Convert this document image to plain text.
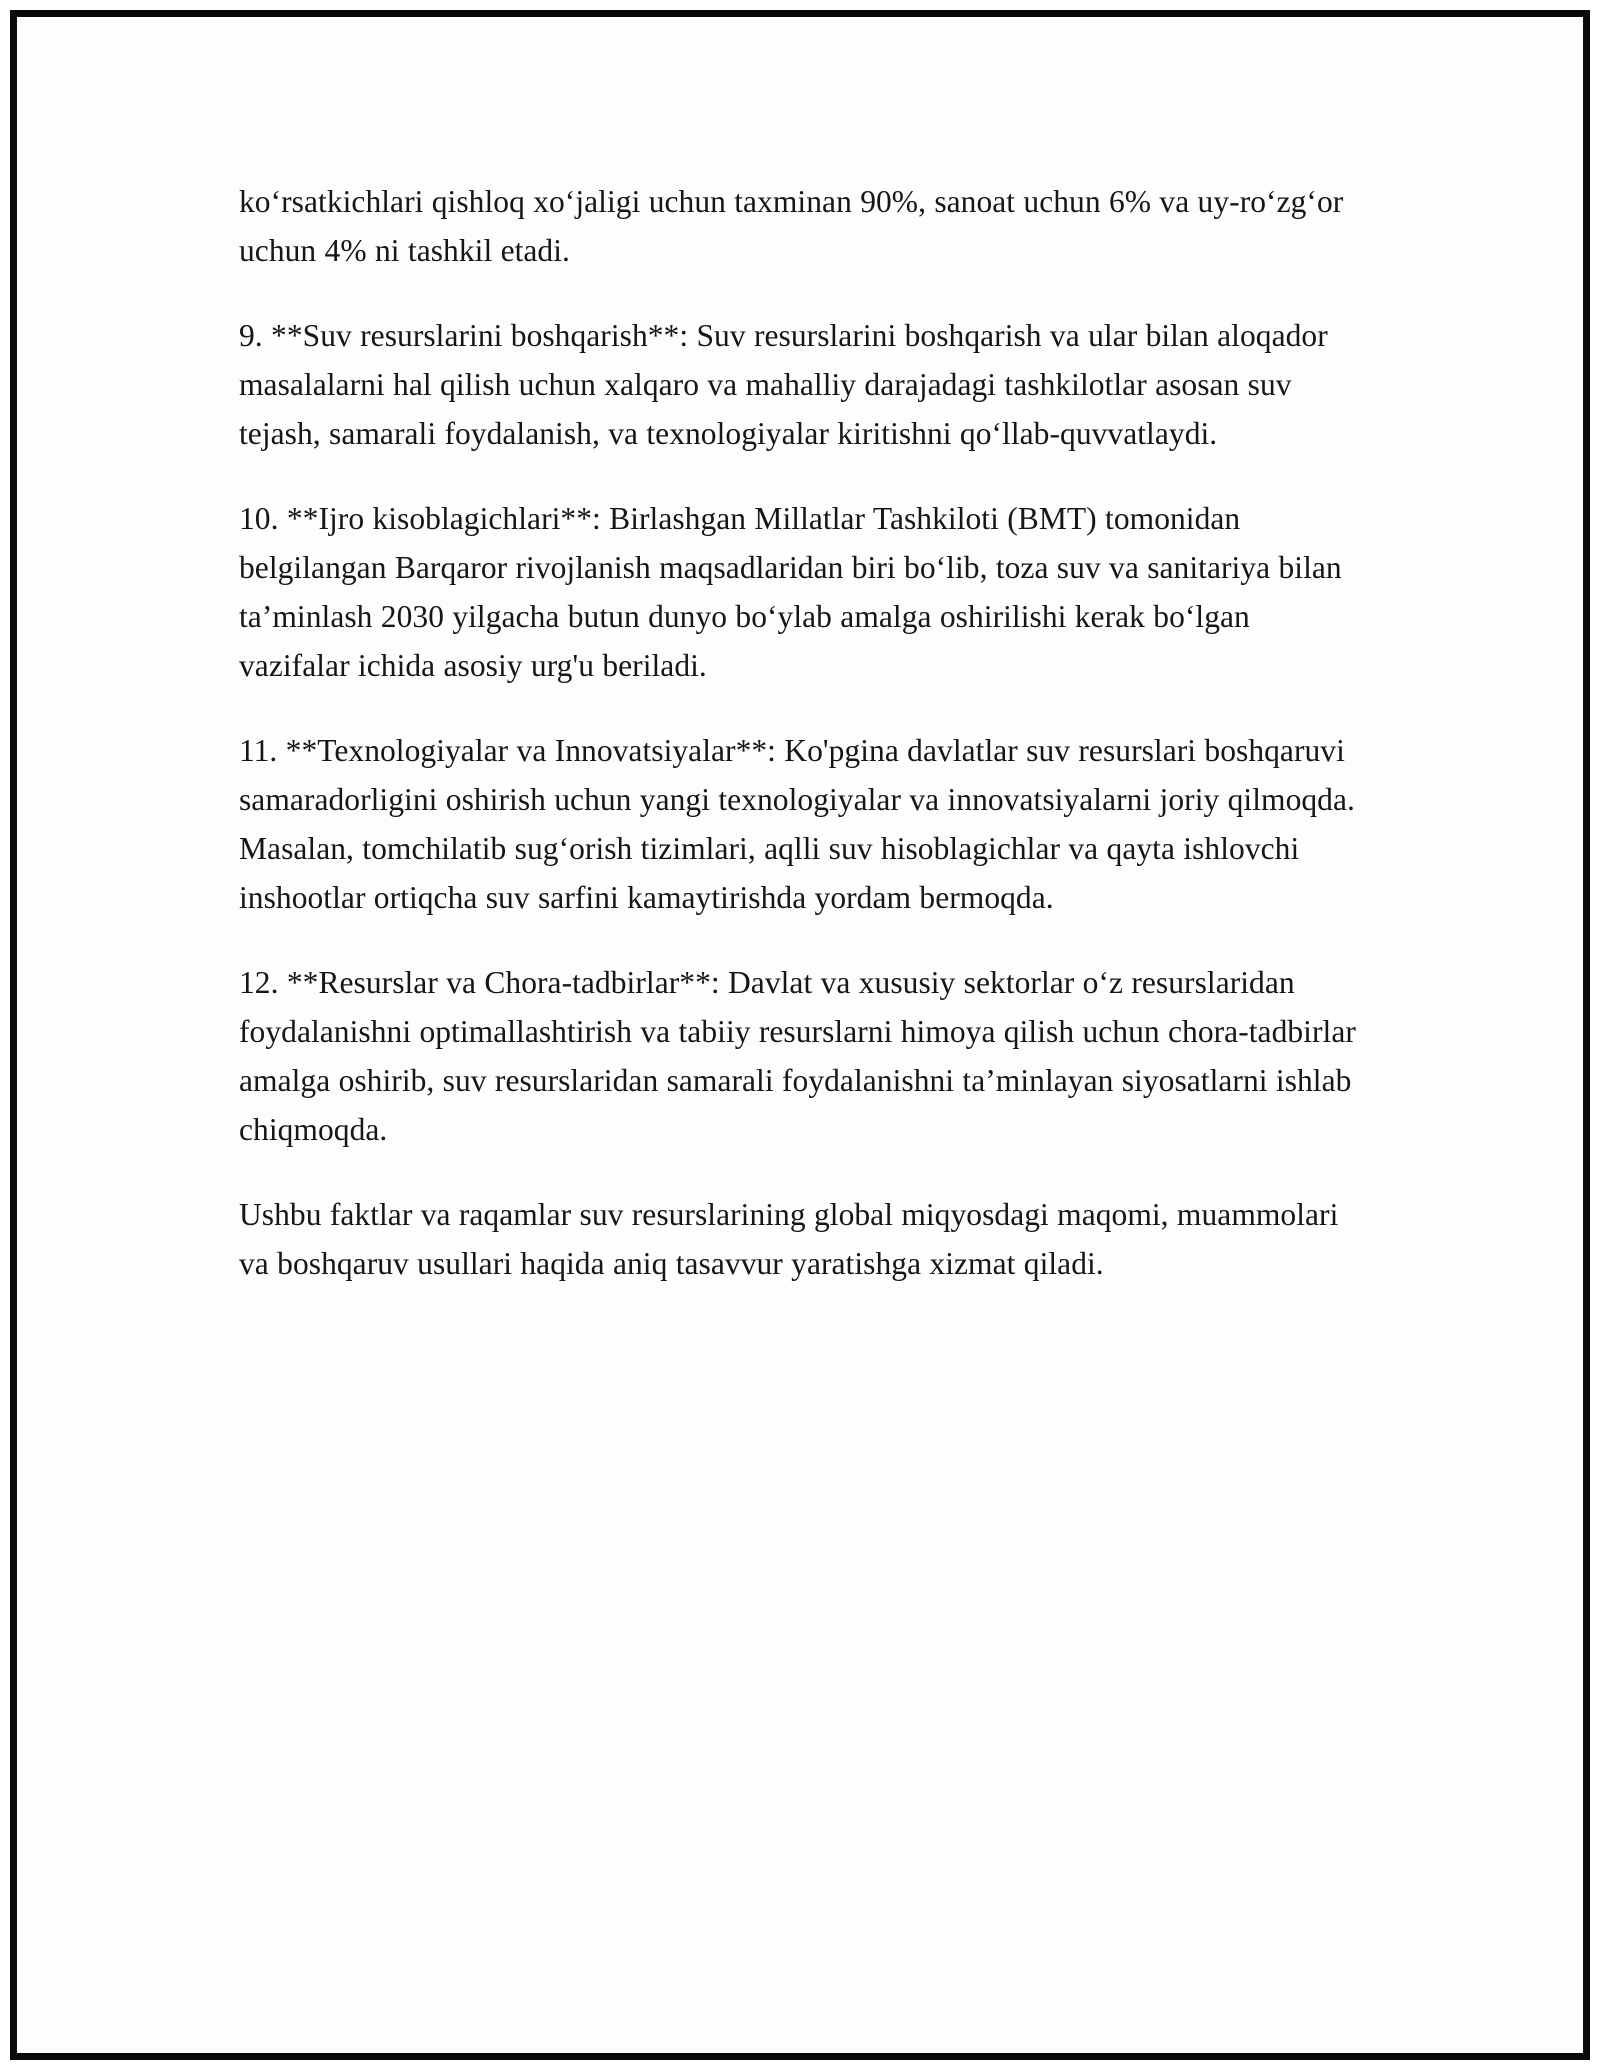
ko‘rsatkichlari qishloq xo‘jaligi uchun taxminan 90%, sanoat uchun 6% va uy-ro‘zg‘or uchun 4% ni tashkil etadi.

9. **Suv resurslarini boshqarish**: Suv resurslarini boshqarish va ular bilan aloqador masalalarni hal qilish uchun xalqaro va mahalliy darajadagi tashkilotlar asosan suv tejash, samarali foydalanish, va texnologiyalar kiritishni qo‘llab-quvvatlaydi.

10. **Ijro kisoblagichlari**: Birlashgan Millatlar Tashkiloti (BMT) tomonidan belgilangan Barqaror rivojlanish maqsadlaridan biri bo‘lib, toza suv va sanitariya bilan ta’minlash 2030 yilgacha butun dunyo bo‘ylab amalga oshirilishi kerak bo‘lgan vazifalar ichida asosiy urg'u beriladi.

11. **Texnologiyalar va Innovatsiyalar**: Ko'pgina davlatlar suv resurslari boshqaruvi samaradorligini oshirish uchun yangi texnologiyalar va innovatsiyalarni joriy qilmoqda. Masalan, tomchilatib sug‘orish tizimlari, aqlli suv hisoblagichlar va qayta ishlovchi inshootlar ortiqcha suv sarfini kamaytirishda yordam bermoqda.

12. **Resurslar va Chora-tadbirlar**: Davlat va xususiy sektorlar o‘z resurslaridan foydalanishni optimallashtirish va tabiiy resurslarni himoya qilish uchun chora-tadbirlar amalga oshirib, suv resurslaridan samarali foydalanishni ta’minlayan siyosatlarni ishlab chiqmoqda.

Ushbu faktlar va raqamlar suv resurslarining global miqyosdagi maqomi, muammolari va boshqaruv usullari haqida aniq tasavvur yaratishga xizmat qiladi.
